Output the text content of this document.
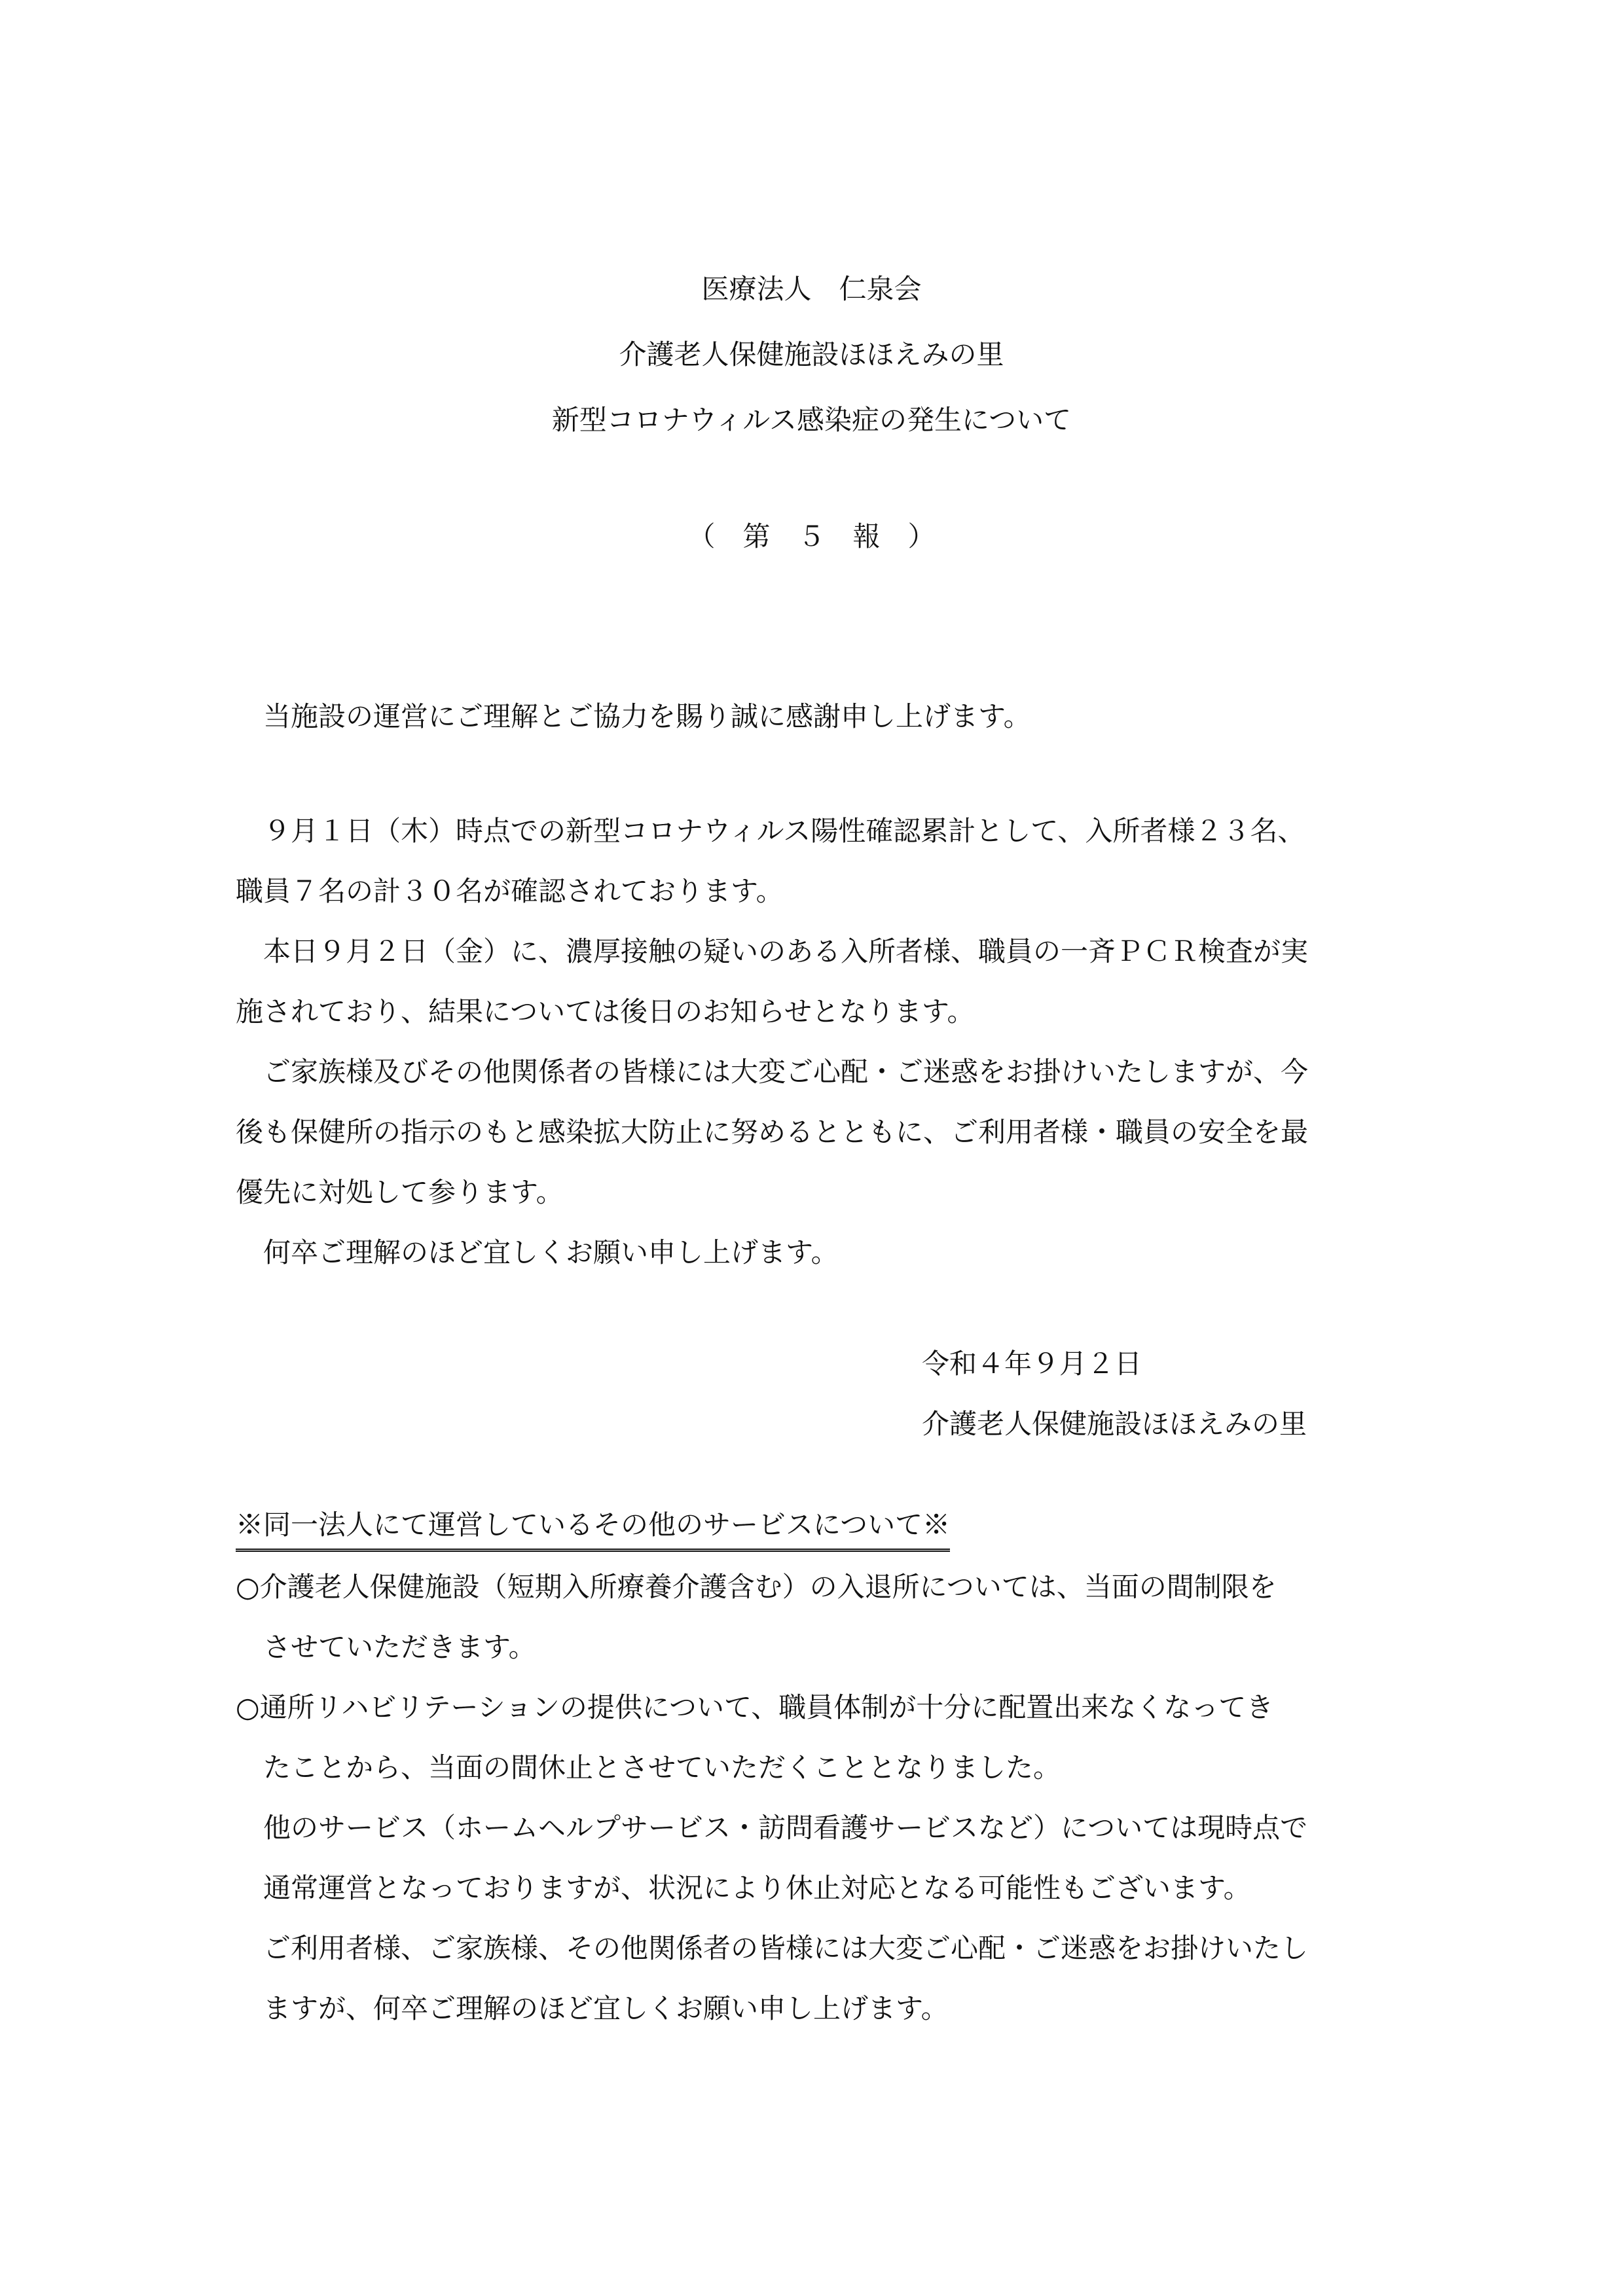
医療法人　仁泉会

介護老人保健施設ほほえみの里

新型コロナウィルス感染症の発生について

（　第　５　報　）

当施設の運営にご理解とご協力を賜り誠に感謝申し上げます。

９月１日（木）時点での新型コロナウィルス陽性確認累計として、入所者様２３名、

職員７名の計３０名が確認されております。

本日９月２日（金）に、濃厚接触の疑いのある入所者様、職員の一斉ＰＣＲ検査が実

施されており、結果については後日のお知らせとなります。

ご家族様及びその他関係者の皆様には大変ご心配・ご迷惑をお掛けいたしますが、今

後も保健所の指示のもと感染拡大防止に努めるとともに、ご利用者様・職員の安全を最

優先に対処して参ります。

何卒ご理解のほど宜しくお願い申し上げます。

令和４年９月２日

介護老人保健施設ほほえみの里

※同一法人にて運営しているその他のサービスについて※

○介護老人保健施設（短期入所療養介護含む）の入退所については、当面の間制限を

させていただきます。

○通所リハビリテーションの提供について、職員体制が十分に配置出来なくなってき

たことから、当面の間休止とさせていただくこととなりました。

他のサービス（ホームヘルプサービス・訪問看護サービスなど）については現時点で

通常運営となっておりますが、状況により休止対応となる可能性もございます。

ご利用者様、ご家族様、その他関係者の皆様には大変ご心配・ご迷惑をお掛けいたし

ますが、何卒ご理解のほど宜しくお願い申し上げます。
